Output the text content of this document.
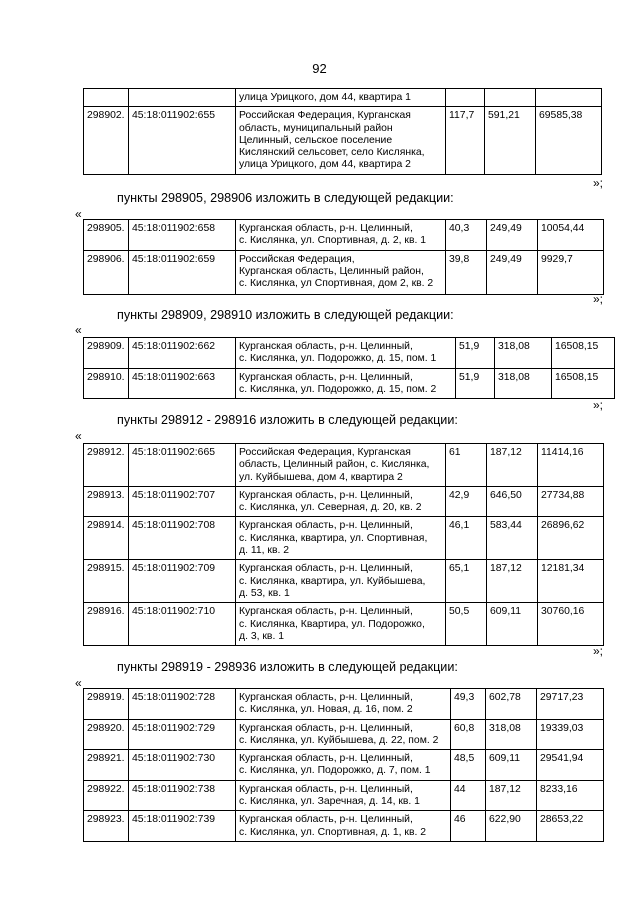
92

		улица Урицкого, дом 44, квартира 1			

298902.	45:18:011902:655	Российская Федерация, Курганская
область, муниципальный район
Целинный, сельское поселение
Кислянский сельсовет, село Кислянка,
улица Урицкого, дом 44, квартира 2	117,7	591,21	69585,38
»;
пункты 298905, 298906 изложить в следующей редакции:
«
298905.	45:18:011902:658	Курганская область, р-н. Целинный,
с. Кислянка, ул. Спортивная, д. 2, кв. 1	40,3	249,49	10054,44
298906.	45:18:011902:659	Российская Федерация,
Курганская область, Целинный район,
с. Кислянка, ул Спортивная, дом 2, кв. 2	39,8	249,49	9929,7
»;
пункты 298909, 298910 изложить в следующей редакции:
«
298909.	45:18:011902:662	Курганская область, р-н. Целинный,
с. Кислянка, ул. Подорожко, д. 15, пом. 1	51,9	318,08	16508,15
298910.	45:18:011902:663	Курганская область, р-н. Целинный,
с. Кислянка, ул. Подорожко, д. 15, пом. 2	51,9	318,08	16508,15
»;
пункты 298912 - 298916 изложить в следующей редакции:
«
298912.	45:18:011902:665	Российская Федерация, Курганская
область, Целинный район, с. Кислянка,
ул. Куйбышева, дом 4, квартира 2	61	187,12	11414,16
298913.	45:18:011902:707	Курганская область, р-н. Целинный,
с. Кислянка, ул. Северная, д. 20, кв. 2	42,9	646,50	27734,88
298914.	45:18:011902:708	Курганская область, р-н. Целинный,
с. Кислянка, квартира, ул. Спортивная,
д. 11, кв. 2	46,1	583,44	26896,62
298915.	45:18:011902:709	Курганская область, р-н. Целинный,
с. Кислянка, квартира, ул. Куйбышева,
д. 53, кв. 1	65,1	187,12	12181,34
298916.	45:18:011902:710	Курганская область, р-н. Целинный,
с. Кислянка, Квартира, ул. Подорожко,
д. 3, кв. 1	50,5	609,11	30760,16
»;
пункты 298919 - 298936 изложить в следующей редакции:
«
298919.	45:18:011902:728	Курганская область, р-н. Целинный,
с. Кислянка, ул. Новая, д. 16, пом. 2	49,3	602,78	29717,23
298920.	45:18:011902:729	Курганская область, р-н. Целинный,
с. Кислянка, ул. Куйбышева, д. 22, пом. 2	60,8	318,08	19339,03
298921.	45:18:011902:730	Курганская область, р-н. Целинный,
с. Кислянка, ул. Подорожко, д. 7, пом. 1	48,5	609,11	29541,94
298922.	45:18:011902:738	Курганская область, р-н. Целинный,
с. Кислянка, ул. Заречная, д. 14, кв. 1	44	187,12	8233,16
298923.	45:18:011902:739	Курганская область, р-н. Целинный,
с. Кислянка, ул. Спортивная, д. 1, кв. 2	46	622,90	28653,22
